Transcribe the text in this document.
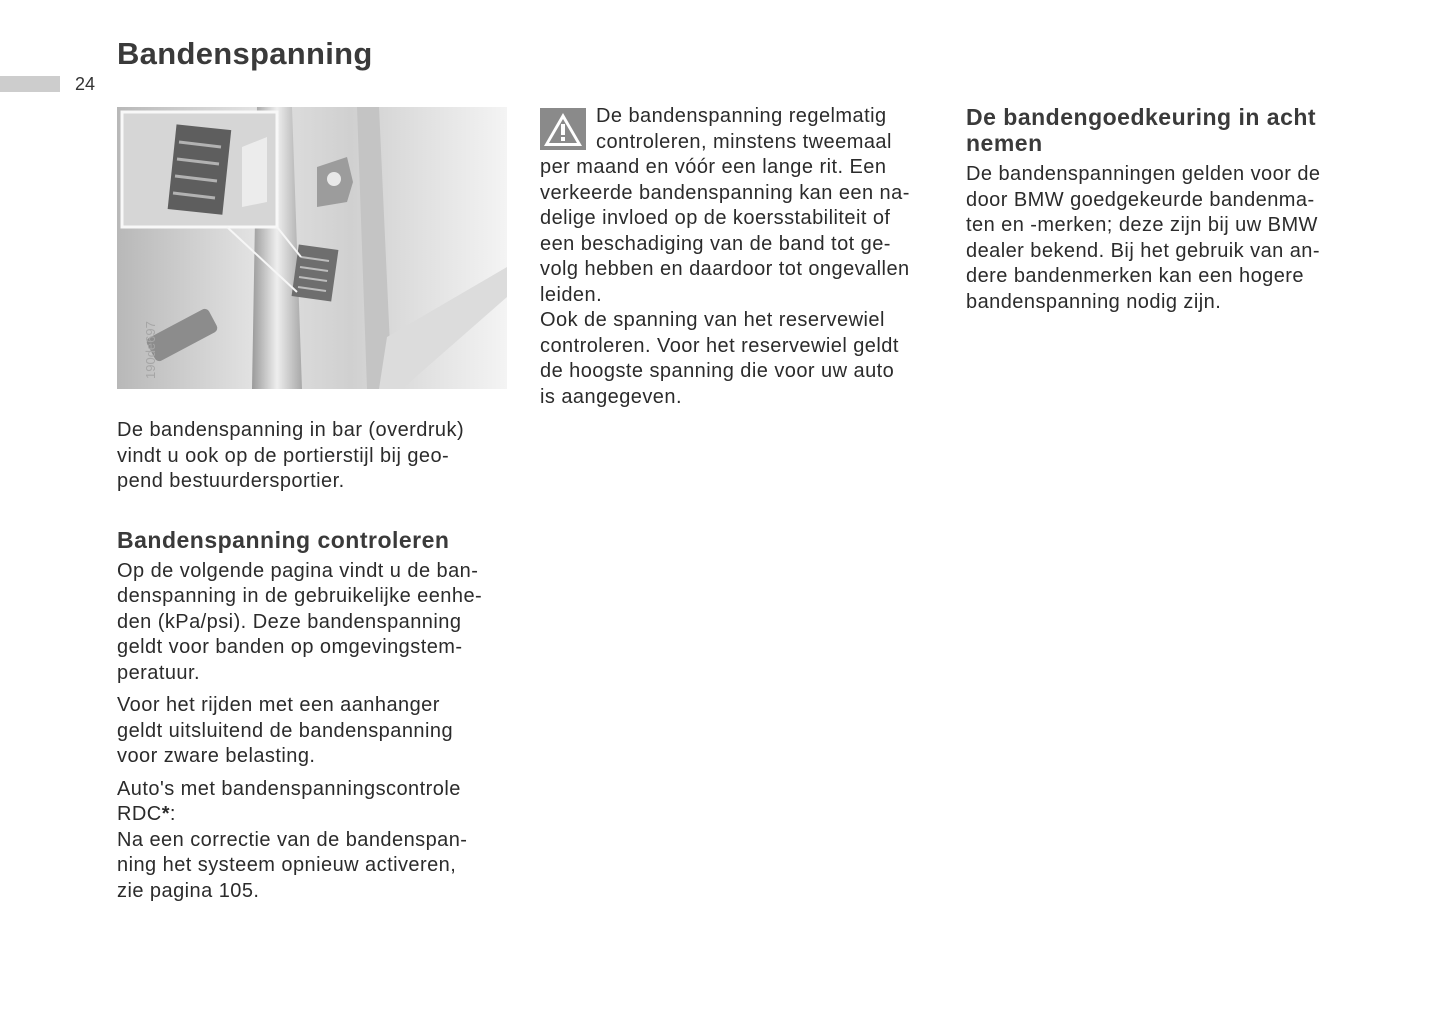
24
Bandenspanning
190de697

De bandenspanning in bar (overdruk)
vindt u ook op de portierstijl bij geo-
pend bestuurdersportier.

Bandenspanning controleren

Op de volgende pagina vindt u de ban-
denspanning in de gebruikelijke eenhe-
den (kPa/psi). Deze bandenspanning
geldt voor banden op omgevingstem-
peratuur.

Voor het rijden met een aanhanger
geldt uitsluitend de bandenspanning
voor zware belasting.

Auto's met bandenspanningscontrole
RDC*:
Na een correctie van de bandenspan-
ning het systeem opnieuw activeren,
zie pagina 105.

De bandenspanning regelmatig
controleren, minstens tweemaal
per maand en vóór een lange rit. Een
verkeerde bandenspanning kan een na-
delige invloed op de koersstabiliteit of
een beschadiging van de band tot ge-
volg hebben en daardoor tot ongevallen
leiden.
Ook de spanning van het reservewiel
controleren. Voor het reservewiel geldt
de hoogste spanning die voor uw auto
is aangegeven.

De bandengoedkeuring in acht
nemen

De bandenspanningen gelden voor de
door BMW goedgekeurde bandenma-
ten en -merken; deze zijn bij uw BMW
dealer bekend. Bij het gebruik van an-
dere bandenmerken kan een hogere
bandenspanning nodig zijn.
